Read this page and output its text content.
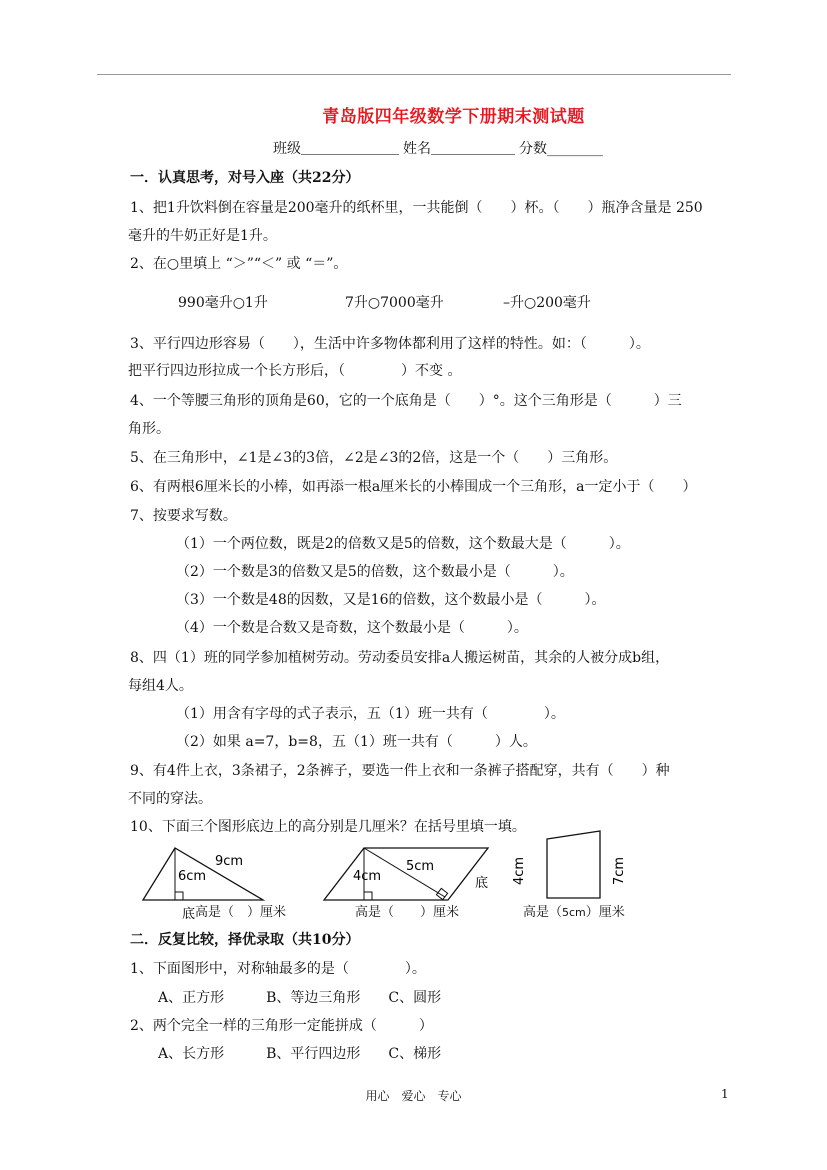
青岛版四年级数学下册期末测试题
班级＿＿＿＿＿＿＿ 姓名＿＿＿＿＿＿ 分数________
一．认真思考，对号入座（共22分）
1、把1升饮料倒在容量是200毫升的纸杯里，一共能倒（　　）杯。（　　）瓶净含量是 250
毫升的牛奶正好是1升。
2、在○里填上 “＞”“＜” 或 “＝”。
990毫升○1升	7升○7000毫升	–升○200毫升
3、平行四边形容易（　　），生活中许多物体都利用了这样的特性。如：（　　　）。
把平行四边形拉成一个长方形后，（　　　　）不变 。
4、一个等腰三角形的顶角是60，它的一个底角是（　　）°。这个三角形是（　　　）三
角形。
5、在三角形中，∠1是∠3的3倍，∠2是∠3的2倍，这是一个（　　）三角形。
6、有两根6厘米长的小棒，如再添一根a厘米长的小棒围成一个三角形，a一定小于（　　）
7、按要求写数。
（1）一个两位数，既是2的倍数又是5的倍数，这个数最大是（　　　）。
（2）一个数是3的倍数又是5的倍数，这个数最小是（　　　）。
（3）一个数是48的因数，又是16的倍数，这个数最小是（　　　）。
（4）一个数是合数又是奇数，这个数最小是（　　　）。
8、四（1）班的同学参加植树劳动。劳动委员安排a人搬运树苗，其余的人被分成b组，
每组4人。
（1）用含有字母的式子表示，五（1）班一共有（　　　　）。
（2）如果 a=7，b=8，五（1）班一共有（　　　）人。
9、有4件上衣，3条裙子，2条裤子，要选一件上衣和一条裤子搭配穿，共有（　　）种
不同的穿法。
10、下面三个图形底边上的高分别是几厘米？在括号里填一填。
9cm
6cm
底 高是（　）厘米
5cm
4cm	底
高是（　　）厘米
4cm	7cm
高是（5cm）厘米
二．反复比较，择优录取（共10分）
1、下面图形中，对称轴最多的是（　　　　）。
A、正方形　　　B、等边三角形　　C、圆形
2、两个完全一样的三角形一定能拼成（　　　）
A、长方形　　　B、平行四边形　　C、梯形
用心　爱心　专心	1
